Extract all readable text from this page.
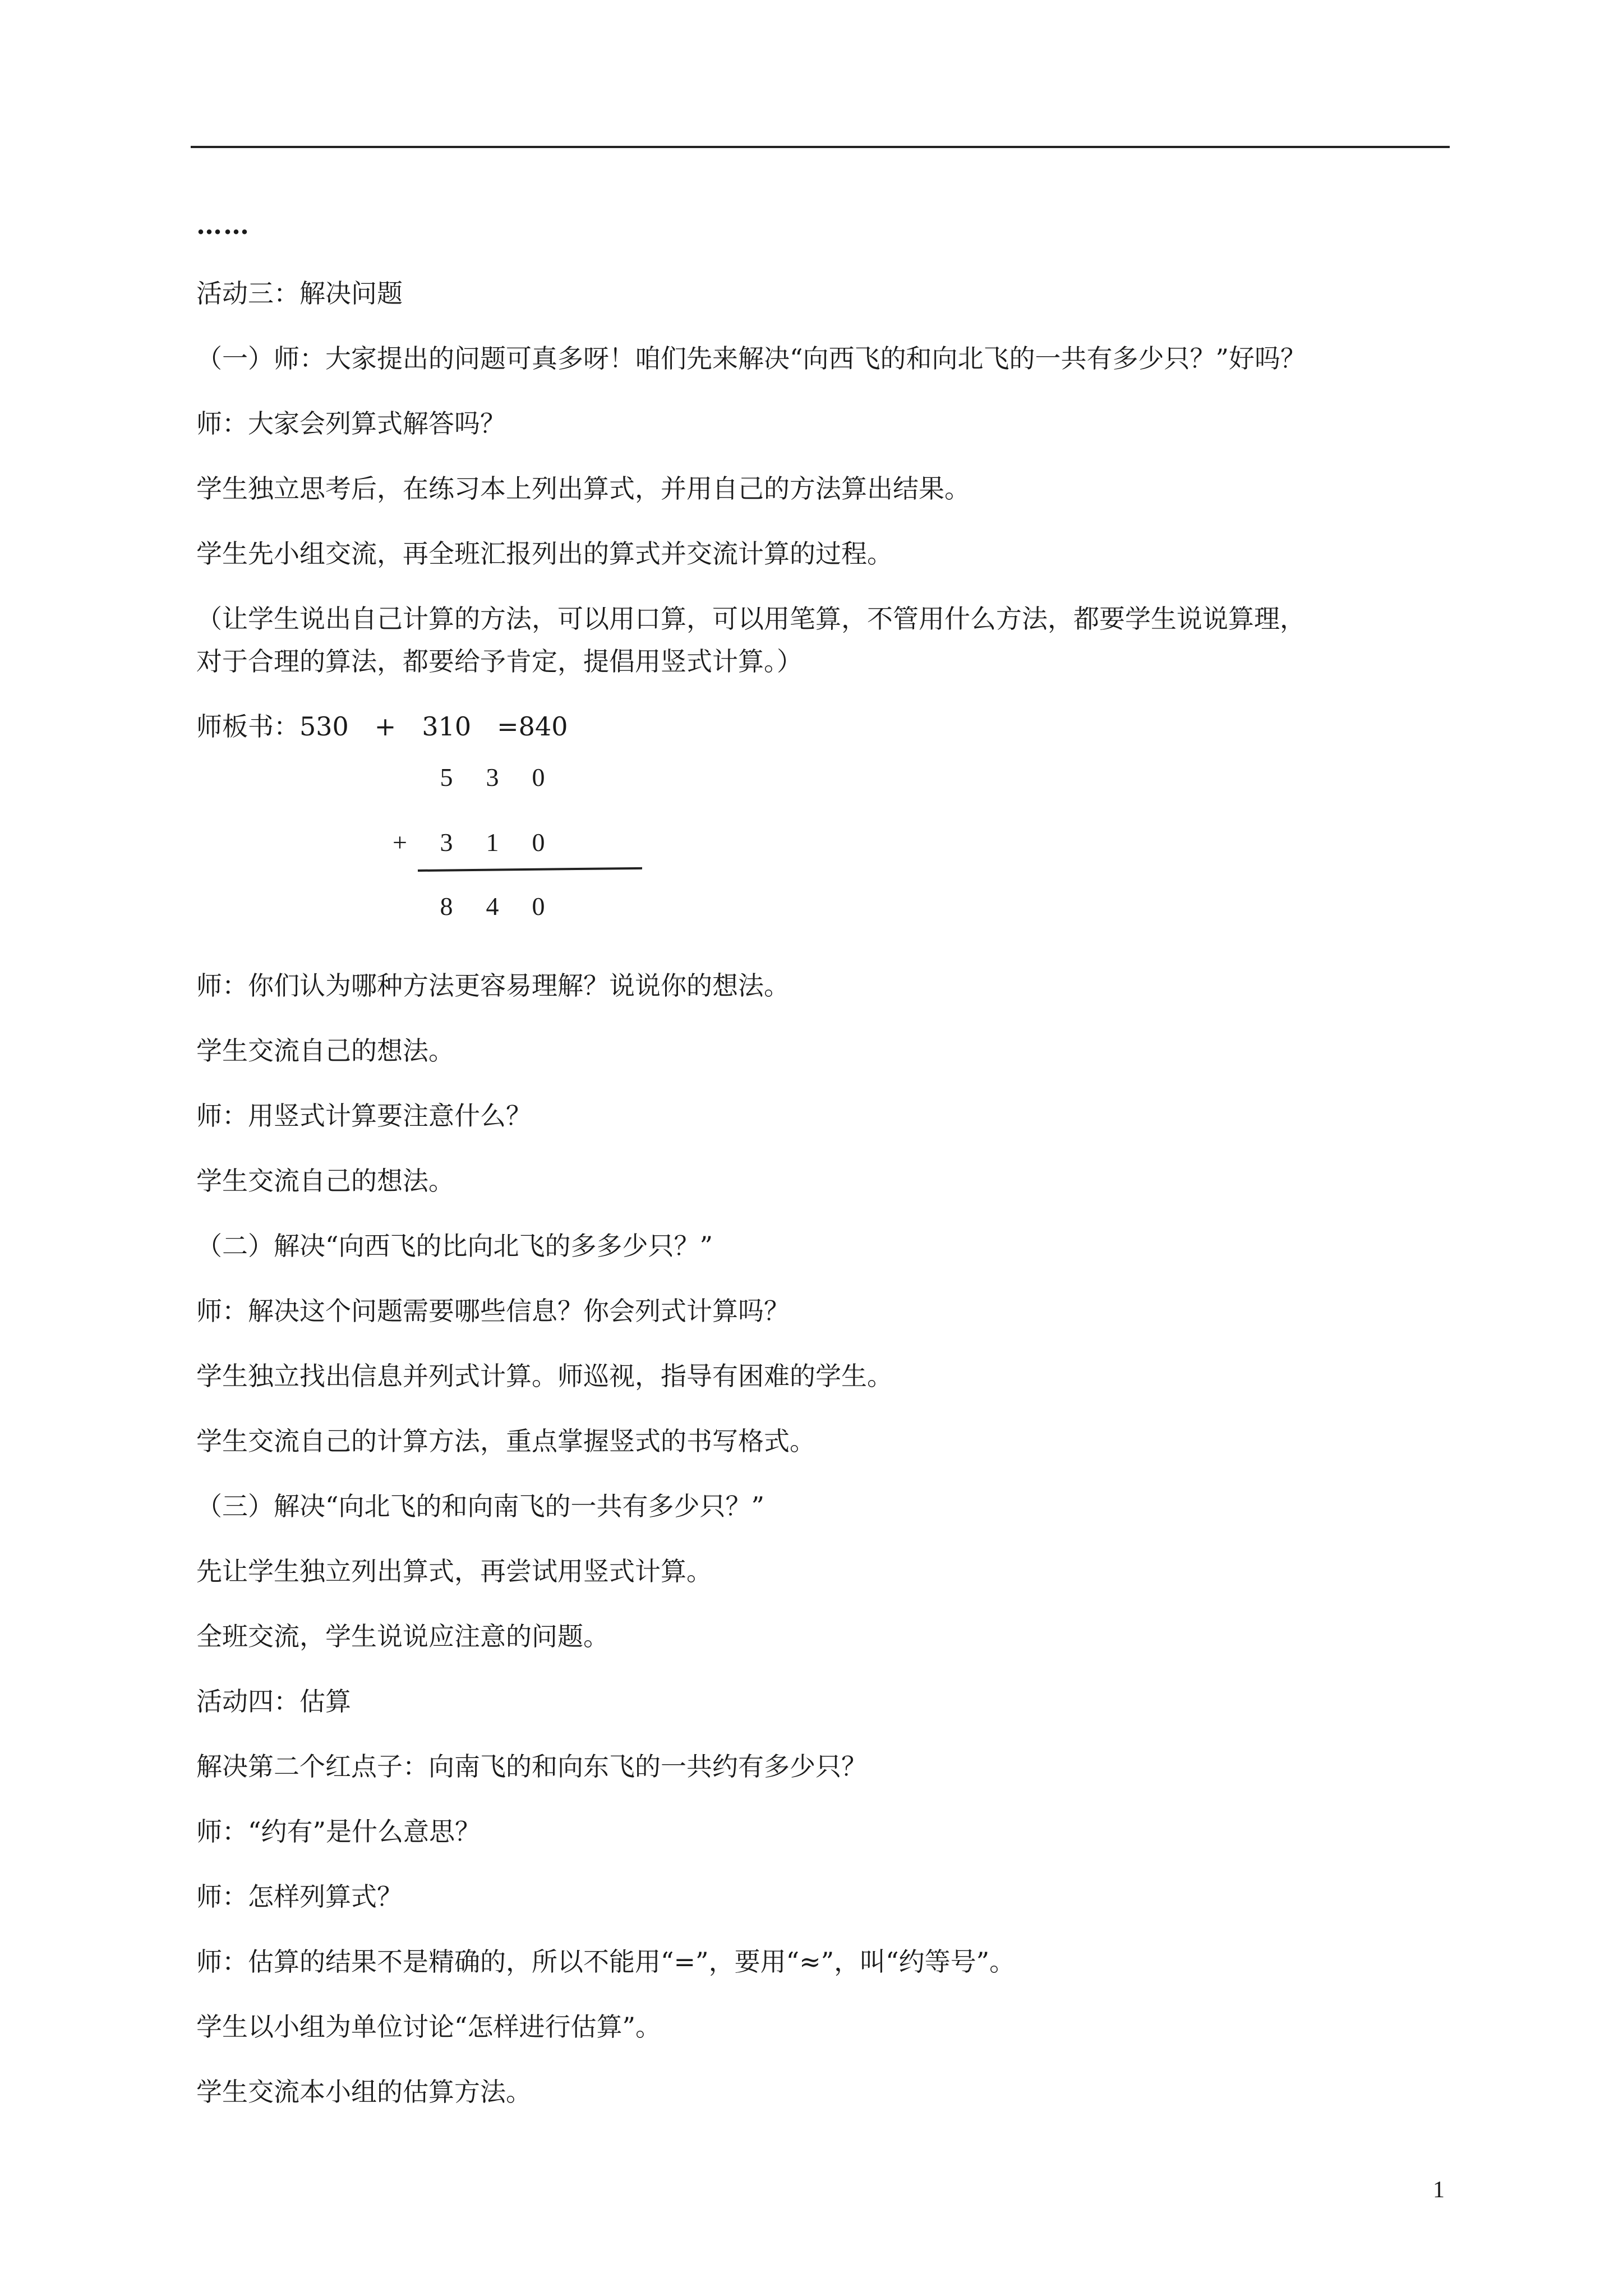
……
活动三：解决问题
（一）师：大家提出的问题可真多呀！咱们先来解决“向西飞的和向北飞的一共有多少只？”好吗？
师：大家会列算式解答吗？
学生独立思考后，在练习本上列出算式，并用自己的方法算出结果。
学生先小组交流，再全班汇报列出的算式并交流计算的过程。
（让学生说出自己计算的方法，可以用口算，可以用笔算，不管用什么方法，都要学生说说算理，
对于合理的算法，都要给予肯定，提倡用竖式计算。）
师板书：530　+　310　=840
5 3 0
+	3 1 0
8 4 0
师：你们认为哪种方法更容易理解？说说你的想法。
学生交流自己的想法。
师：用竖式计算要注意什么？
学生交流自己的想法。
（二）解决“向西飞的比向北飞的多多少只？”
师：解决这个问题需要哪些信息？你会列式计算吗？
学生独立找出信息并列式计算。师巡视，指导有困难的学生。
学生交流自己的计算方法，重点掌握竖式的书写格式。
（三）解决“向北飞的和向南飞的一共有多少只？”
先让学生独立列出算式，再尝试用竖式计算。
全班交流，学生说说应注意的问题。
活动四：估算
解决第二个红点子：向南飞的和向东飞的一共约有多少只？
师：“约有”是什么意思？
师：怎样列算式？
师：估算的结果不是精确的，所以不能用“=”，要用“≈”，叫“约等号”。
学生以小组为单位讨论“怎样进行估算”。
学生交流本小组的估算方法。
1
